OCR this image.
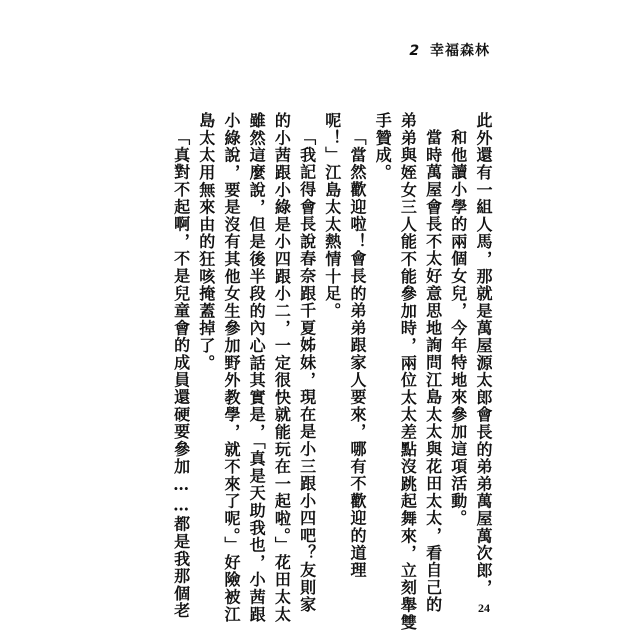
2 幸福森林
此外還有一組人馬，那就是萬屋源太郎會長的弟弟萬屋萬次郎，
和他讀小學的兩個女兒，今年特地來參加這項活動。
當時萬屋會長不太好意思地詢問江島太太與花田太太，看自己的
弟弟與姪女三人能不能參加時，兩位太太差點沒跳起舞來，立刻舉雙
手贊成。
「當然歡迎啦！會長的弟弟跟家人要來，哪有不歡迎的道理
呢！」江島太太熱情十足。
「我記得會長說春奈跟千夏姊妹，現在是小三跟小四吧？友則家
的小茜跟小綠是小四跟小二，一定很快就能玩在一起啦。」花田太太
雖然這麼說，但是後半段的內心話其實是，「真是天助我也，小茜跟
小綠說，要是沒有其他女生參加野外教學，就不來了呢。」好險被江
島太太用無來由的狂咳掩蓋掉了。
「真對不起啊，不是兒童會的成員還硬要參加……都是我那個老	24
